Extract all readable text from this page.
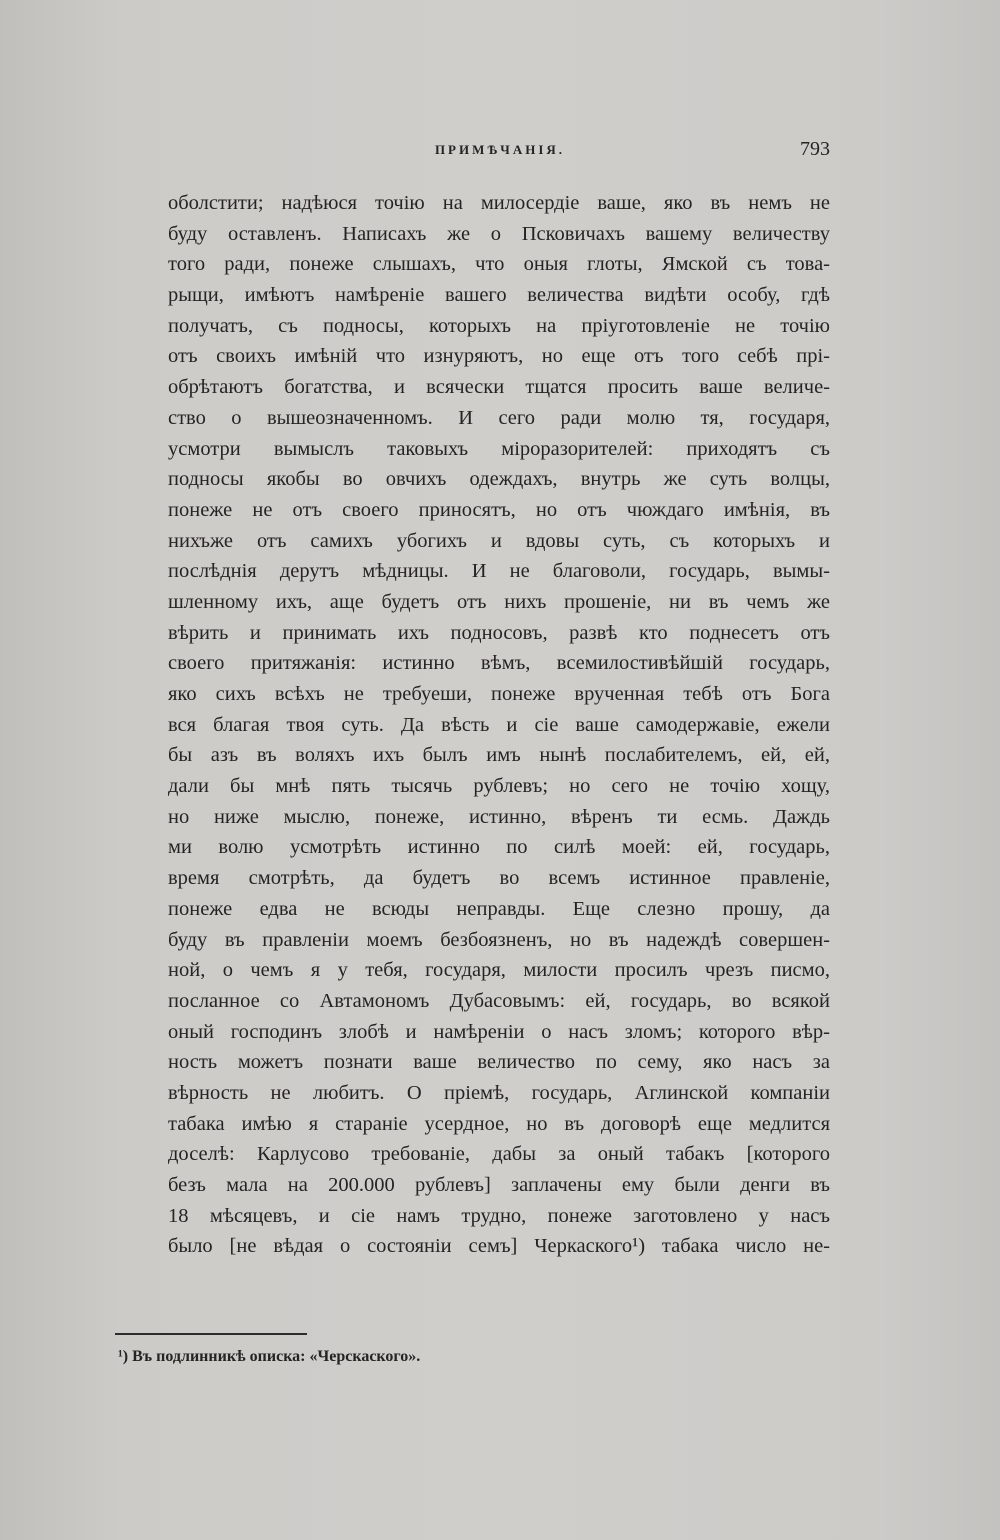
ПРИМѢЧАНІЯ.	793
оболстити; надѣюся точію на милосердіе ваше, яко въ немъ не
буду оставленъ. Написахъ же о Псковичахъ вашему величеству
того ради, понеже слышахъ, что оныя глоты, Ямской съ това-
рыщи, имѣютъ намѣреніе вашего величества видѣти особу, гдѣ
получатъ, съ подносы, которыхъ на пріуготовленіе не точію
отъ своихъ имѣній что изнуряютъ, но еще отъ того себѣ прі-
обрѣтаютъ богатства, и всячески тщатся просить ваше величе-
ство о вышеозначенномъ. И сего ради молю тя, государя,
усмотри вымыслъ таковыхъ міроразорителей: приходятъ съ
подносы якобы во овчихъ одеждахъ, внутрь же суть волцы,
понеже не отъ своего приносятъ, но отъ чюждаго имѣнія, въ
нихъже отъ самихъ убогихъ и вдовы суть, съ которыхъ и
послѣднія дерутъ мѣдницы. И не благоволи, государь, вымы-
шленному ихъ, аще будетъ отъ нихъ прошеніе, ни въ чемъ же
вѣрить и принимать ихъ подносовъ, развѣ кто поднесетъ отъ
своего притяжанія: истинно вѣмъ, всемилостивѣйшій государь,
яко сихъ всѣхъ не требуеши, понеже врученная тебѣ отъ Бога
вся благая твоя суть. Да вѣсть и сіе ваше самодержавіе, ежели
бы азъ въ воляхъ ихъ былъ имъ нынѣ послабителемъ, ей, ей,
дали бы мнѣ пять тысячь рублевъ; но сего не точію хощу,
но ниже мыслю, понеже, истинно, вѣренъ ти есмь. Даждь
ми волю усмотрѣть истинно по силѣ моей: ей, государь,
время смотрѣть, да будетъ во всемъ истинное правленіе,
понеже едва не всюды неправды. Еще слезно прошу, да
буду въ правленіи моемъ безбоязненъ, но въ надеждѣ совершен-
ной, о чемъ я у тебя, государя, милости просилъ чрезъ писмо,
посланное со Автамономъ Дубасовымъ: ей, государь, во всякой
оный господинъ злобѣ и намѣреніи о насъ зломъ; которого вѣр-
ность можетъ познати ваше величество по сему, яко насъ за
вѣрность не любитъ. О пріемѣ, государь, Аглинской компаніи
табака имѣю я стараніе усердное, но въ договорѣ еще медлится
доселѣ: Карлусово требованіе, дабы за оный табакъ [которого
безъ мала на 200.000 рублевъ] заплачены ему были денги въ
18 мѣсяцевъ, и сіе намъ трудно, понеже заготовлено у насъ
было [не вѣдая о состояніи семъ] Черкаского¹) табака число не-
¹) Въ подлинникѣ описка: «Черскаского».
